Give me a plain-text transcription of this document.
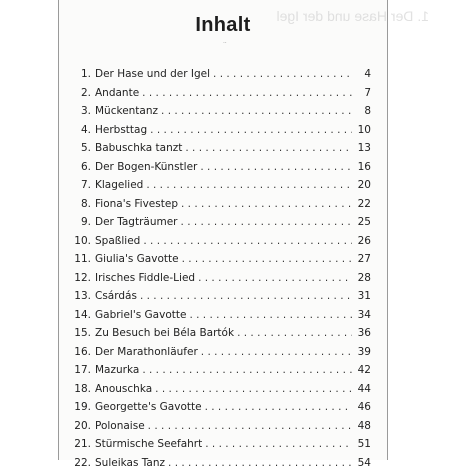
1. Der Hase und der Igel
Inhalt
·ˑ
1. Der Hase und der Igel . . .	4
2. Andante . . .	7
3. Mückentanz . . .	8
4. Herbsttag . . .	10
5. Babuschka tanzt . . .	13
6. Der Bogen-Künstler . . .	16
7. Klagelied . . .	20
8. Fiona's Fivestep . . .	22
9. Der Tagträumer . . .	25
10. Spaßlied . . .	26
11. Giulia's Gavotte . . .	27
12. Irisches Fiddle-Lied . . .	28
13. Csárdás . . .	31
14. Gabriel's Gavotte . . .	34
15. Zu Besuch bei Béla Bartók . . .	36
16. Der Marathonläufer . . .	39
17. Mazurka . . .	42
18. Anouschka . . .	44
19. Georgette's Gavotte . . .	46
20. Polonaise . . .	48
21. Stürmische Seefahrt . . .	51
22. Suleikas Tanz . . .	54
